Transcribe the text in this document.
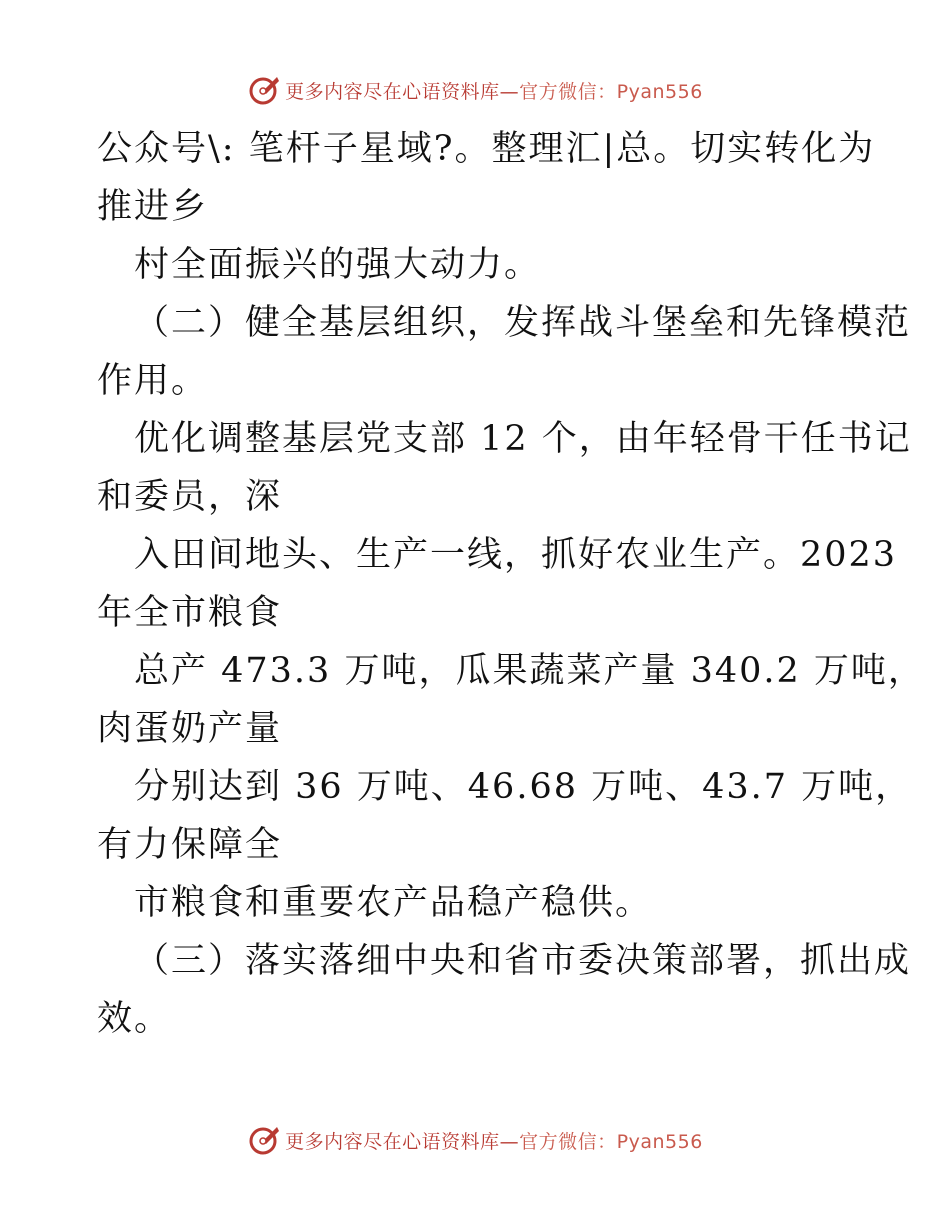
更多内容尽在心语资料库—官方微信：Pyan556
公众号\: 笔杆子星域?。整理汇|总。切实转化为
推进乡
村全面振兴的强大动力。
（二）健全基层组织，发挥战斗堡垒和先锋模范
作用。
优化调整基层党支部 12 个，由年轻骨干任书记
和委员，深
入田间地头、生产一线，抓好农业生产。2023
年全市粮食
总产 473.3 万吨，瓜果蔬菜产量 340.2 万吨，
肉蛋奶产量
分别达到 36 万吨、46.68 万吨、43.7 万吨，
有力保障全
市粮食和重要农产品稳产稳供。
（三）落实落细中央和省市委决策部署，抓出成
效。
更多内容尽在心语资料库—官方微信：Pyan556
